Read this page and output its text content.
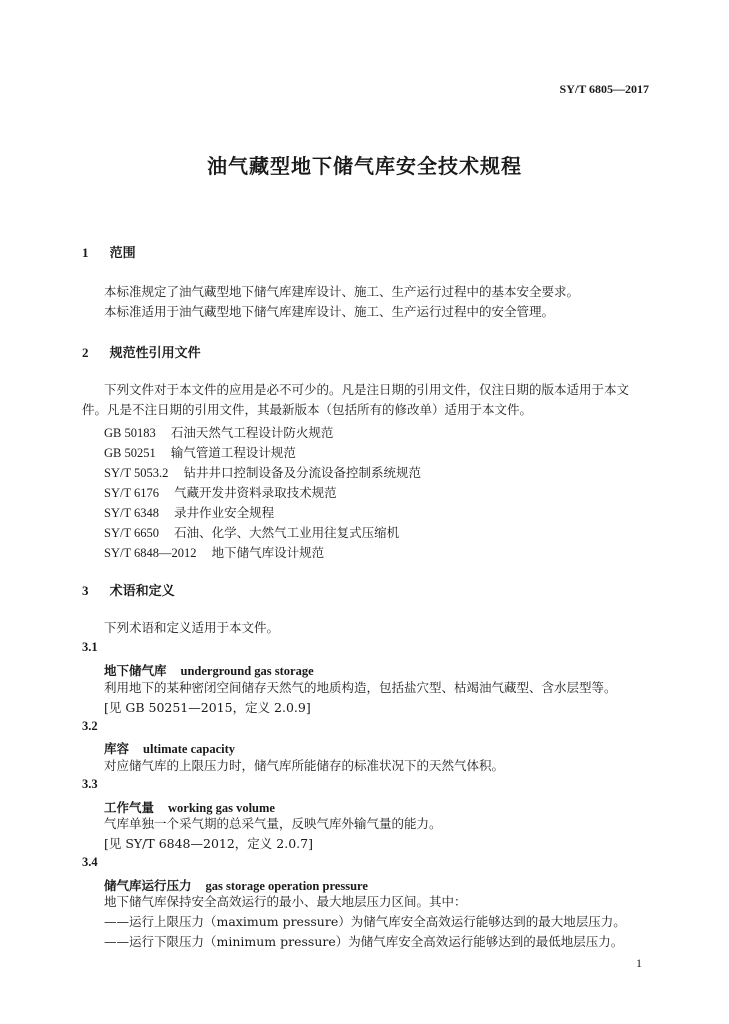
SY/T 6805—2017
油气藏型地下储气库安全技术规程
1 范围
本标准规定了油气藏型地下储气库建库设计、施工、生产运行过程中的基本安全要求。
本标准适用于油气藏型地下储气库建库设计、施工、生产运行过程中的安全管理。
2 规范性引用文件
下列文件对于本文件的应用是必不可少的。凡是注日期的引用文件，仅注日期的版本适用于本文
件。凡是不注日期的引用文件，其最新版本（包括所有的修改单）适用于本文件。
GB 50183 石油天然气工程设计防火规范
GB 50251 输气管道工程设计规范
SY/T 5053.2 钻井井口控制设备及分流设备控制系统规范
SY/T 6176 气藏开发井资料录取技术规范
SY/T 6348 录井作业安全规程
SY/T 6650 石油、化学、大然气工业用往复式压缩机
SY/T 6848—2012 地下储气库设计规范
3 术语和定义
下列术语和定义适用于本文件。
3.1
地下储气库 underground gas storage
利用地下的某种密闭空间储存天然气的地质构造，包括盐穴型、枯竭油气藏型、含水层型等。
[见 GB 50251—2015，定义 2.0.9]
3.2
库容 ultimate capacity
对应储气库的上限压力时，储气库所能储存的标准状况下的天然气体积。
3.3
工作气量 working gas volume
气库单独一个采气期的总采气量，反映气库外输气量的能力。
[见 SY/T 6848—2012，定义 2.0.7]
3.4
储气库运行压力 gas storage operation pressure
地下储气库保持安全高效运行的最小、最大地层压力区间。其中：
——运行上限压力（maximum pressure）为储气库安全高效运行能够达到的最大地层压力。
——运行下限压力（minimum pressure）为储气库安全高效运行能够达到的最低地层压力。
1
